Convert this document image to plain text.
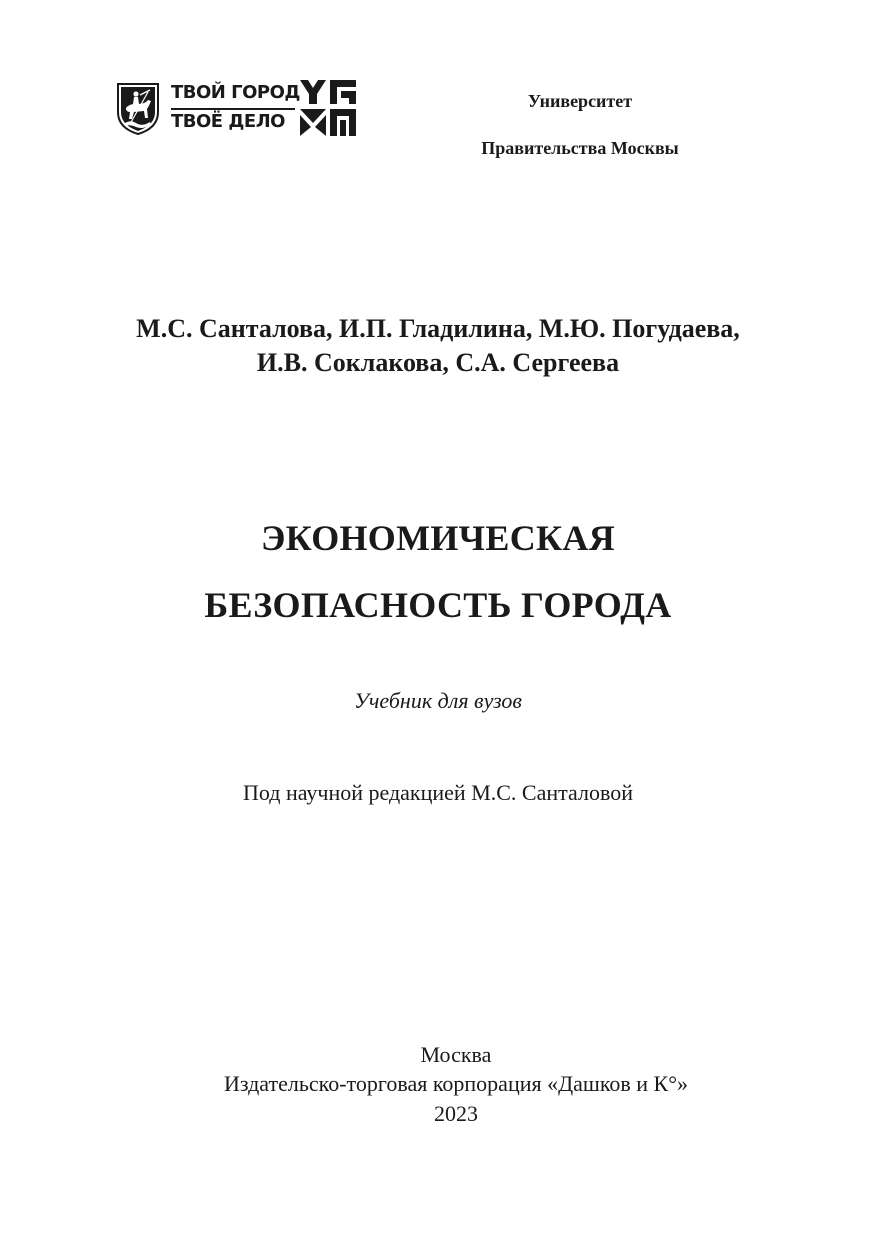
ТВОЙ ГОРОД
ТВОЁ ДЕЛО
Университет
Правительства Москвы
М.С. Санталова, И.П. Гладилина, М.Ю. Погудаева,
И.В. Соклакова, С.А. Сергеева
ЭКОНОМИЧЕСКАЯ
БЕЗОПАСНОСТЬ ГОРОДА
Учебник для вузов
Под научной редакцией М.С. Санталовой
Москва
Издательско-торговая корпорация «Дашков и К°»
2023
